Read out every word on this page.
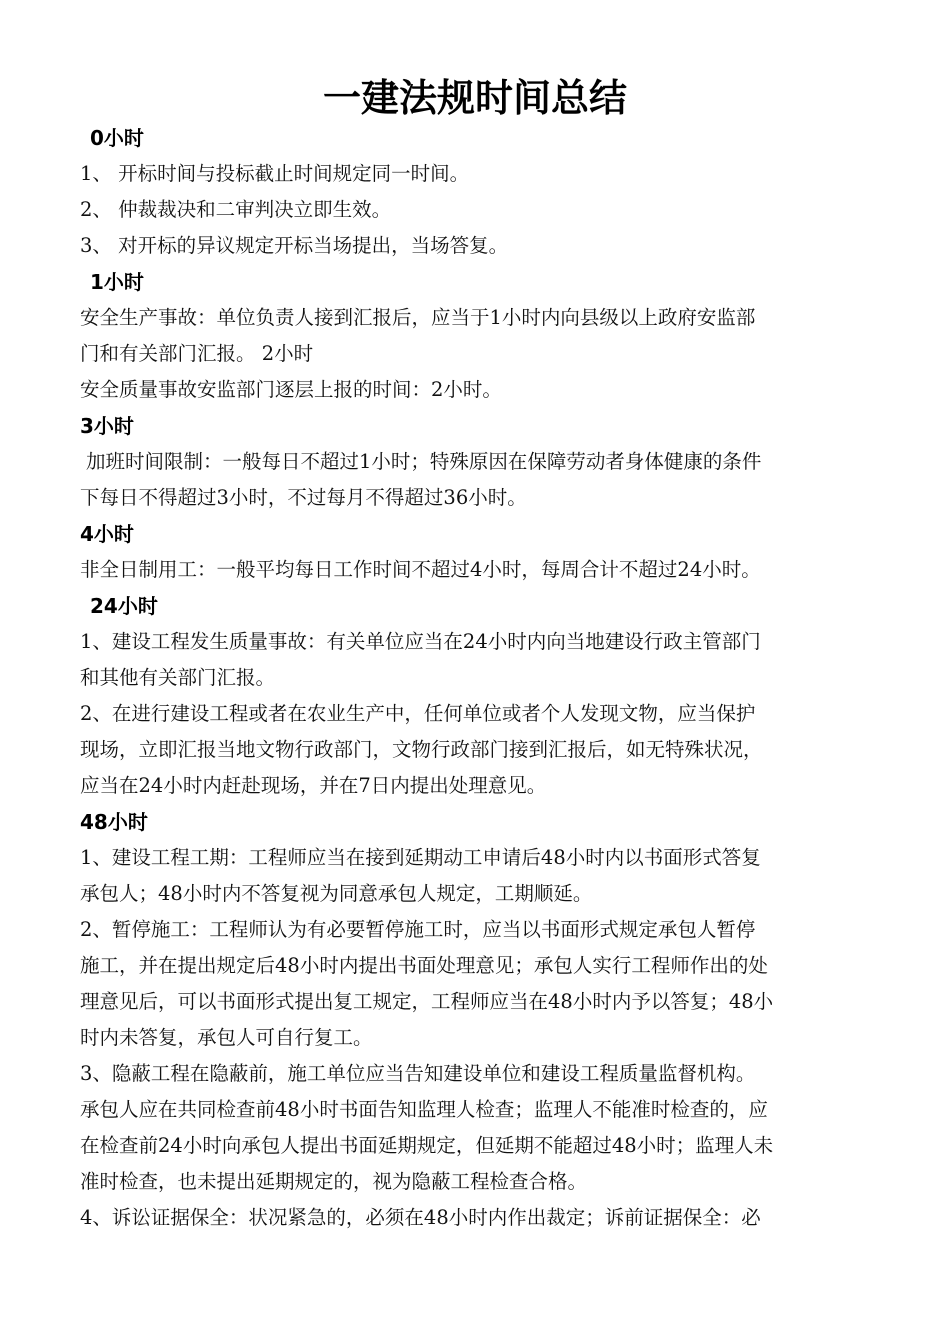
一建法规时间总结
0小时
1、 开标时间与投标截止时间规定同一时间。
2、 仲裁裁决和二审判决立即生效。
3、 对开标的异议规定开标当场提出，当场答复。
1小时
安全生产事故：单位负责人接到汇报后，应当于1小时内向县级以上政府安监部
门和有关部门汇报。 2小时
安全质量事故安监部门逐层上报的时间：2小时。
3小时
加班时间限制：一般每日不超过1小时；特殊原因在保障劳动者身体健康的条件
下每日不得超过3小时，不过每月不得超过36小时。
4小时
非全日制用工：一般平均每日工作时间不超过4小时，每周合计不超过24小时。
24小时
1、建设工程发生质量事故：有关单位应当在24小时内向当地建设行政主管部门
和其他有关部门汇报。
2、在进行建设工程或者在农业生产中，任何单位或者个人发现文物，应当保护
现场，立即汇报当地文物行政部门，文物行政部门接到汇报后，如无特殊状况，
应当在24小时内赶赴现场，并在7日内提出处理意见。
48小时
1、建设工程工期：工程师应当在接到延期动工申请后48小时内以书面形式答复
承包人；48小时内不答复视为同意承包人规定，工期顺延。
2、暂停施工：工程师认为有必要暂停施工时，应当以书面形式规定承包人暂停
施工，并在提出规定后48小时内提出书面处理意见；承包人实行工程师作出的处
理意见后，可以书面形式提出复工规定，工程师应当在48小时内予以答复；48小
时内未答复，承包人可自行复工。
3、隐蔽工程在隐蔽前，施工单位应当告知建设单位和建设工程质量监督机构。
承包人应在共同检查前48小时书面告知监理人检查；监理人不能准时检查的，应
在检查前24小时向承包人提出书面延期规定，但延期不能超过48小时；监理人未
准时检查，也未提出延期规定的，视为隐蔽工程检查合格。
4、诉讼证据保全：状况紧急的，必须在48小时内作出裁定；诉前证据保全：必
